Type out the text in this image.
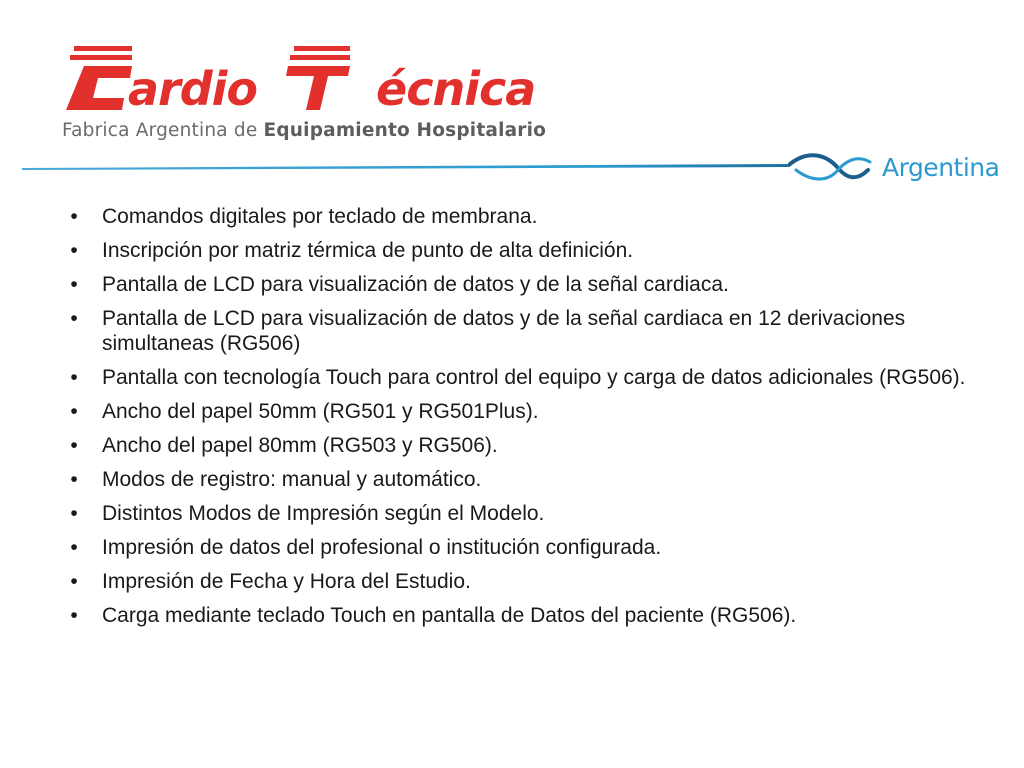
ardio	écnica
Fabrica Argentina de Equipamiento Hospitalario
Argentina
•	Comandos digitales por teclado de membrana.
•	Inscripción por matriz térmica de punto de alta definición.
•	Pantalla de LCD para visualización de datos y de la señal cardiaca.
•	Pantalla de LCD para visualización de datos y de la señal cardiaca en 12 derivaciones simultaneas (RG506)
•	Pantalla con tecnología Touch para control del equipo y carga de datos adicionales (RG506).
•	Ancho del papel 50mm (RG501 y RG501Plus).
•	Ancho del papel 80mm (RG503 y RG506).
•	Modos de registro: manual y automático.
•	Distintos Modos de Impresión según el Modelo.
•	Impresión de datos del profesional o institución configurada.
•	Impresión de Fecha y Hora del Estudio.
•	Carga mediante teclado Touch en pantalla de Datos del paciente (RG506).
